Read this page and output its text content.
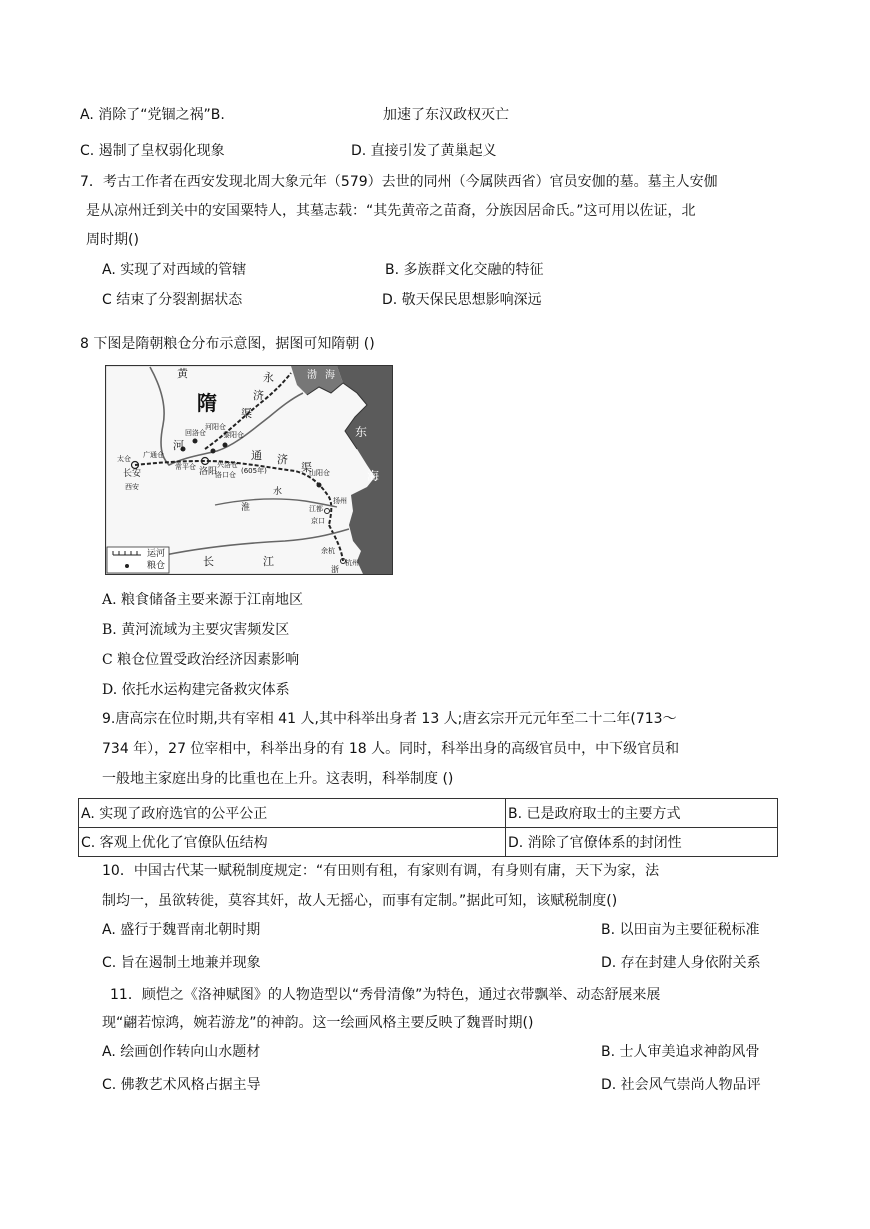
A. 消除了“党锢之祸”B.	加速了东汉政权灭亡
C. 遏制了皇权弱化现象	D. 直接引发了黄巢起义
7．考古工作者在西安发现北周大象元年（579）去世的同州（今属陕西省）官员安伽的墓。墓主人安伽
是从凉州迁到关中的安国粟特人，其墓志载：“其先黄帝之苗裔，分族因居命氏。”这可用以佐证，北
周时期()
A. 实现了对西域的管辖	B. 多族群文化交融的特征
C 结束了分裂割据状态	D. 敬天保民思想影响深远
8 下图是隋朝粮仓分布示意图，据图可知隋朝 ()
黄
河
隋
永
济
渠
渤 海
东
海
通 济
渠
淮
水
长	江
浙
长安
西安
洛阳
太仓 广通仓
常平仓
回洛仓
河阳仓
黎阳仓
兴洛仓
洛口仓 (605年)	山阳仓
江都
扬州
京口
余杭
杭州
运河
粮仓
A. 粮食储备主要来源于江南地区
B. 黄河流域为主要灾害频发区
C 粮仓位置受政治经济因素影响
D. 依托水运构建完备救灾体系
9.唐高宗在位时期,共有宰相 41 人,其中科举出身者 13 人;唐玄宗开元元年至二十二年(713～
734 年），27 位宰相中，科举出身的有 18 人。同时，科举出身的高级官员中，中下级官员和
一般地主家庭出身的比重也在上升。这表明，科举制度 ()
A. 实现了政府选官的公平公正	B. 已是政府取士的主要方式
C. 客观上优化了官僚队伍结构	D. 消除了官僚体系的封闭性
10．中国古代某一赋税制度规定：“有田则有租，有家则有调，有身则有庸，天下为家，法
制均一，虽欲转徙，莫容其奸，故人无摇心，而事有定制。”据此可知，该赋税制度()
A. 盛行于魏晋南北朝时期	B. 以田亩为主要征税标准
C. 旨在遏制土地兼并现象	D. 存在封建人身依附关系
11．顾恺之《洛神赋图》的人物造型以“秀骨清像”为特色，通过衣带飘举、动态舒展来展
现“翩若惊鸿，婉若游龙”的神韵。这一绘画风格主要反映了魏晋时期()
A. 绘画创作转向山水题材	B. 士人审美追求神韵风骨
C. 佛教艺术风格占据主导	D. 社会风气崇尚人物品评
